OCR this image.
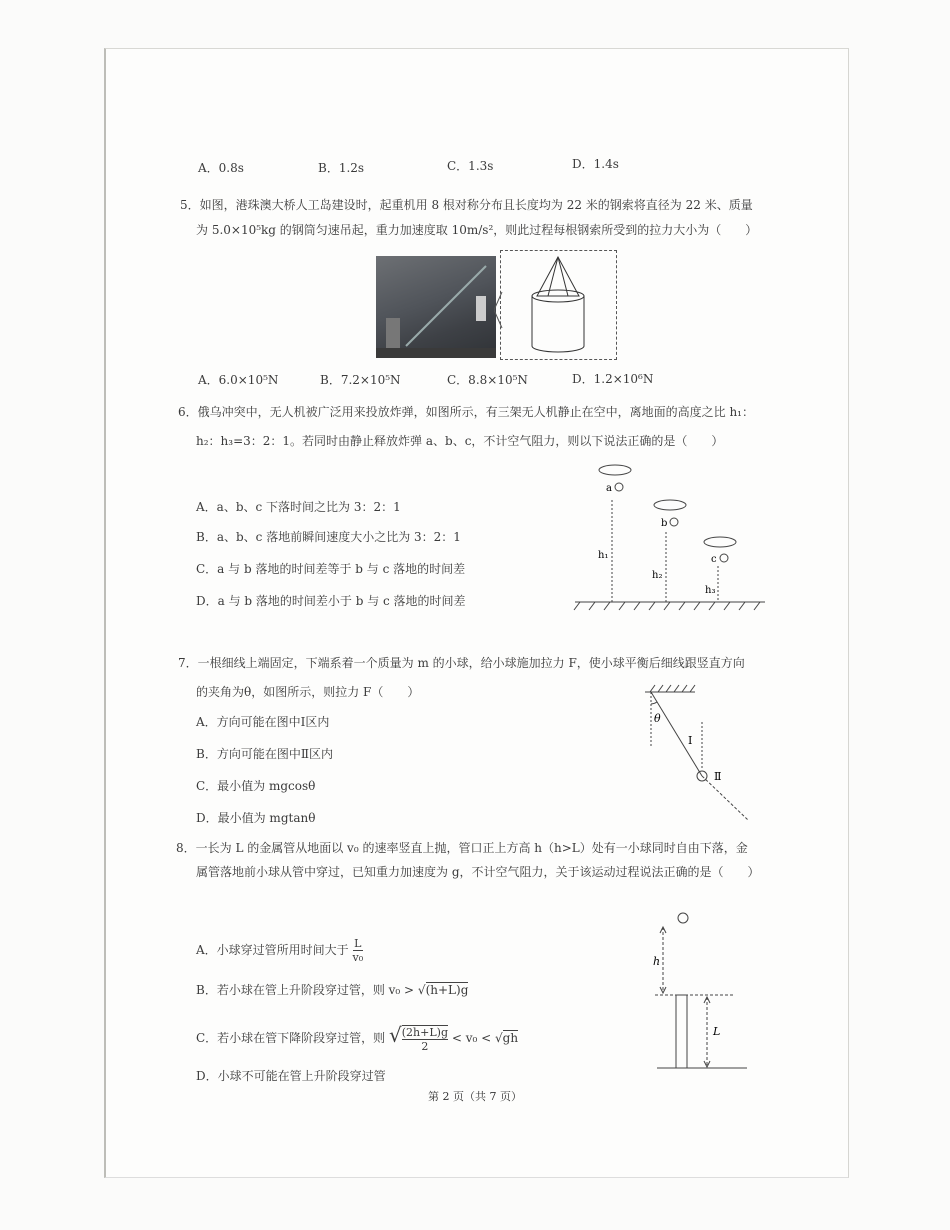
A．0.8s	B．1.2s	C．1.3s	D．1.4s
5．如图，港珠澳大桥人工岛建设时，起重机用 8 根对称分布且长度均为 22 米的钢索将直径为 22 米、质量
为 5.0×10⁵kg 的钢筒匀速吊起，重力加速度取 10m/s²，则此过程每根钢索所受到的拉力大小为（　　）
A．6.0×10⁵N	B．7.2×10⁵N	C．8.8×10⁵N	D．1.2×10⁶N
6．俄乌冲突中，无人机被广泛用来投放炸弹，如图所示，有三架无人机静止在空中，离地面的高度之比 h₁：
h₂：h₃=3：2：1。若同时由静止释放炸弹 a、b、c，不计空气阻力，则以下说法正确的是（　　）
A．a、b、c 下落时间之比为 3：2：1
B．a、b、c 落地前瞬间速度大小之比为 3：2：1
C．a 与 b 落地的时间差等于 b 与 c 落地的时间差
D．a 与 b 落地的时间差小于 b 与 c 落地的时间差
a
b
c
h₁
h₂
h₃
7．一根细线上端固定，下端系着一个质量为 m 的小球，给小球施加拉力 F，使小球平衡后细线跟竖直方向
的夹角为θ，如图所示，则拉力 F（　　）
A．方向可能在图中Ⅰ区内
B．方向可能在图中Ⅱ区内
C．最小值为 mgcosθ
D．最小值为 mgtanθ
θ
Ⅰ
Ⅱ
8．一长为 L 的金属管从地面以 v₀ 的速率竖直上抛，管口正上方高 h（h>L）处有一小球同时自由下落，金
属管落地前小球从管中穿过，已知重力加速度为 g，不计空气阻力，关于该运动过程说法正确的是（　　）
A．小球穿过管所用时间大于 $\frac{L}{\text{v₀}}$
B．若小球在管上升阶段穿过管，则 v₀ > √(h+L)g
C．若小球在管下降阶段穿过管，则 √ $\frac{(2h+L)g}{2} < v_0 < √gh$
D．小球不可能在管上升阶段穿过管
h
L
第 2 页（共 7 页）
